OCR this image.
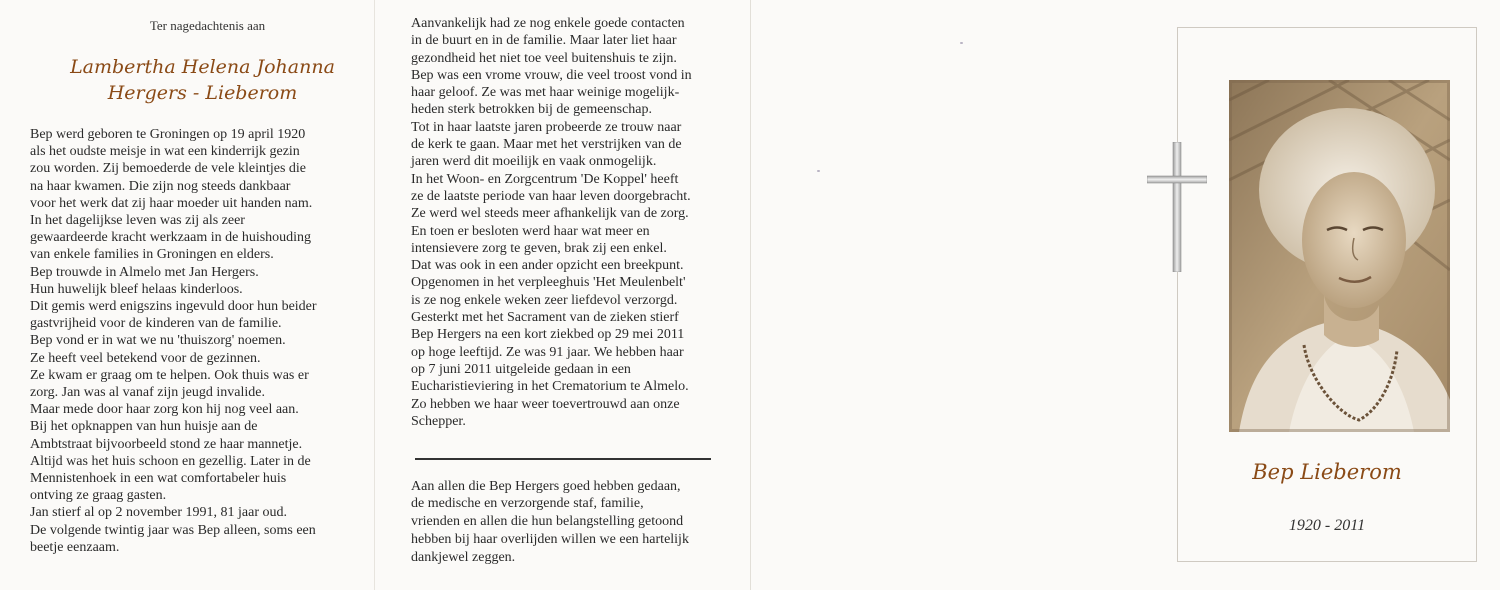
Ter nagedachtenis aan
Lambertha Helena Johanna
Hergers - Lieberom
Bep werd geboren te Groningen op 19 april 1920
als het oudste meisje in wat een kinderrijk gezin
zou worden. Zij bemoederde de vele kleintjes die
na haar kwamen. Die zijn nog steeds dankbaar
voor het werk dat zij haar moeder uit handen nam.
In het dagelijkse leven was zij als zeer
gewaardeerde kracht werkzaam in de huishouding
van enkele families in Groningen en elders.
Bep trouwde in Almelo met Jan Hergers.
Hun huwelijk bleef helaas kinderloos.
Dit gemis werd enigszins ingevuld door hun beider
gastvrijheid voor de kinderen van de familie.
Bep vond er in wat we nu 'thuiszorg' noemen.
Ze heeft veel betekend voor de gezinnen.
Ze kwam er graag om te helpen. Ook thuis was er
zorg. Jan was al vanaf zijn jeugd invalide.
Maar mede door haar zorg kon hij nog veel aan.
Bij het opknappen van hun huisje aan de
Ambtstraat bijvoorbeeld stond ze haar mannetje.
Altijd was het huis schoon en gezellig. Later in de
Mennistenhoek in een wat comfortabeler huis
ontving ze graag gasten.
Jan stierf al op 2 november 1991, 81 jaar oud.
De volgende twintig jaar was Bep alleen, soms een
beetje eenzaam.
Aanvankelijk had ze nog enkele goede contacten
in de buurt en in de familie. Maar later liet haar
gezondheid het niet toe veel buitenshuis te zijn.
Bep was een vrome vrouw, die veel troost vond in
haar geloof. Ze was met haar weinige mogelijk-
heden sterk betrokken bij de gemeenschap.
Tot in haar laatste jaren probeerde ze trouw naar
de kerk te gaan. Maar met het verstrijken van de
jaren werd dit moeilijk en vaak onmogelijk.
In het Woon- en Zorgcentrum 'De Koppel' heeft
ze de laatste periode van haar leven doorgebracht.
Ze werd wel steeds meer afhankelijk van de zorg.
En toen er besloten werd haar wat meer en
intensievere zorg te geven, brak zij een enkel.
Dat was ook in een ander opzicht een breekpunt.
Opgenomen in het verpleeghuis 'Het Meulenbelt'
is ze nog enkele weken zeer liefdevol verzorgd.
Gesterkt met het Sacrament van de zieken stierf
Bep Hergers na een kort ziekbed op 29 mei 2011
op hoge leeftijd. Ze was 91 jaar. We hebben haar
op 7 juni 2011 uitgeleide gedaan in een
Eucharistieviering in het Crematorium te Almelo.
Zo hebben we haar weer toevertrouwd aan onze
Schepper.
Aan allen die Bep Hergers goed hebben gedaan,
de medische en verzorgende staf, familie,
vrienden en allen die hun belangstelling getoond
hebben bij haar overlijden willen we een hartelijk
dankjewel zeggen.
Bep Lieberom
1920 - 2011
